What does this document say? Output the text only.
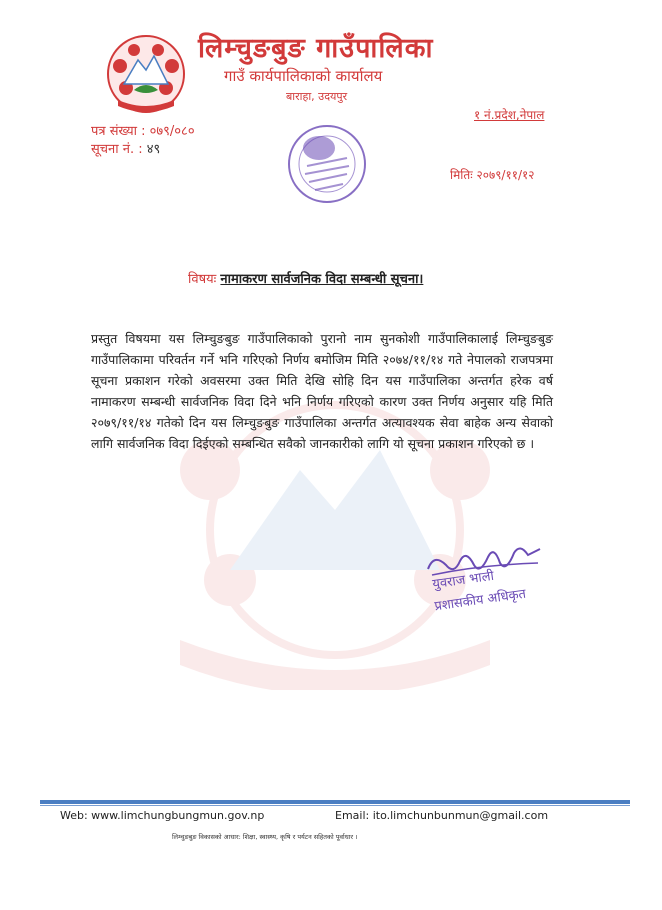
लिम्चुङबुङ गाउँपालिका
गाउँ कार्यपालिकाको कार्यालय
बाराहा, उदयपुर
१ नं.प्रदेश,नेपाल
पत्र संख्या : ०७९/०८०
सूचना नं. : ४९
मितिः २०७९/११/१२
विषयः नामाकरण सार्वजनिक विदा सम्बन्धी सूचना।
प्रस्तुत विषयमा यस लिम्चुङबुङ गाउँपालिकाको पुरानो नाम सुनकोशी गाउँपालिकालाई लिम्चुङबुङ गाउँपालिकामा परिवर्तन गर्ने भनि गरिएको निर्णय बमोजिम मिति २०७४/११/१४ गते नेपालको राजपत्रमा सूचना प्रकाशन गरेको अवसरमा उक्त मिति देखि सोहि दिन यस गाउँपालिका अन्तर्गत हरेक वर्ष नामाकरण सम्बन्धी सार्वजनिक विदा दिने भनि निर्णय गरिएको कारण उक्त निर्णय अनुसार यहि मिति २०७९/११/१४ गतेको दिन यस लिम्चुङबुङ गाउँपालिका अन्तर्गत अत्यावश्यक सेवा बाहेक अन्य सेवाको लागि सार्वजनिक विदा दिईएको सम्बन्धित सवैको जानकारीको लागि यो सूचना प्रकाशन गरिएको छ ।
युवराज भाली
प्रशासकीय अधिकृत
Web: www.limchungbungmun.gov.np	Email: ito.limchunbunmun@gmail.com
लिम्चुङबुङ विकासको आधार: शिक्षा, स्वास्थ्य, कृषि र पर्यटन सहितको पूर्वाधार ।
